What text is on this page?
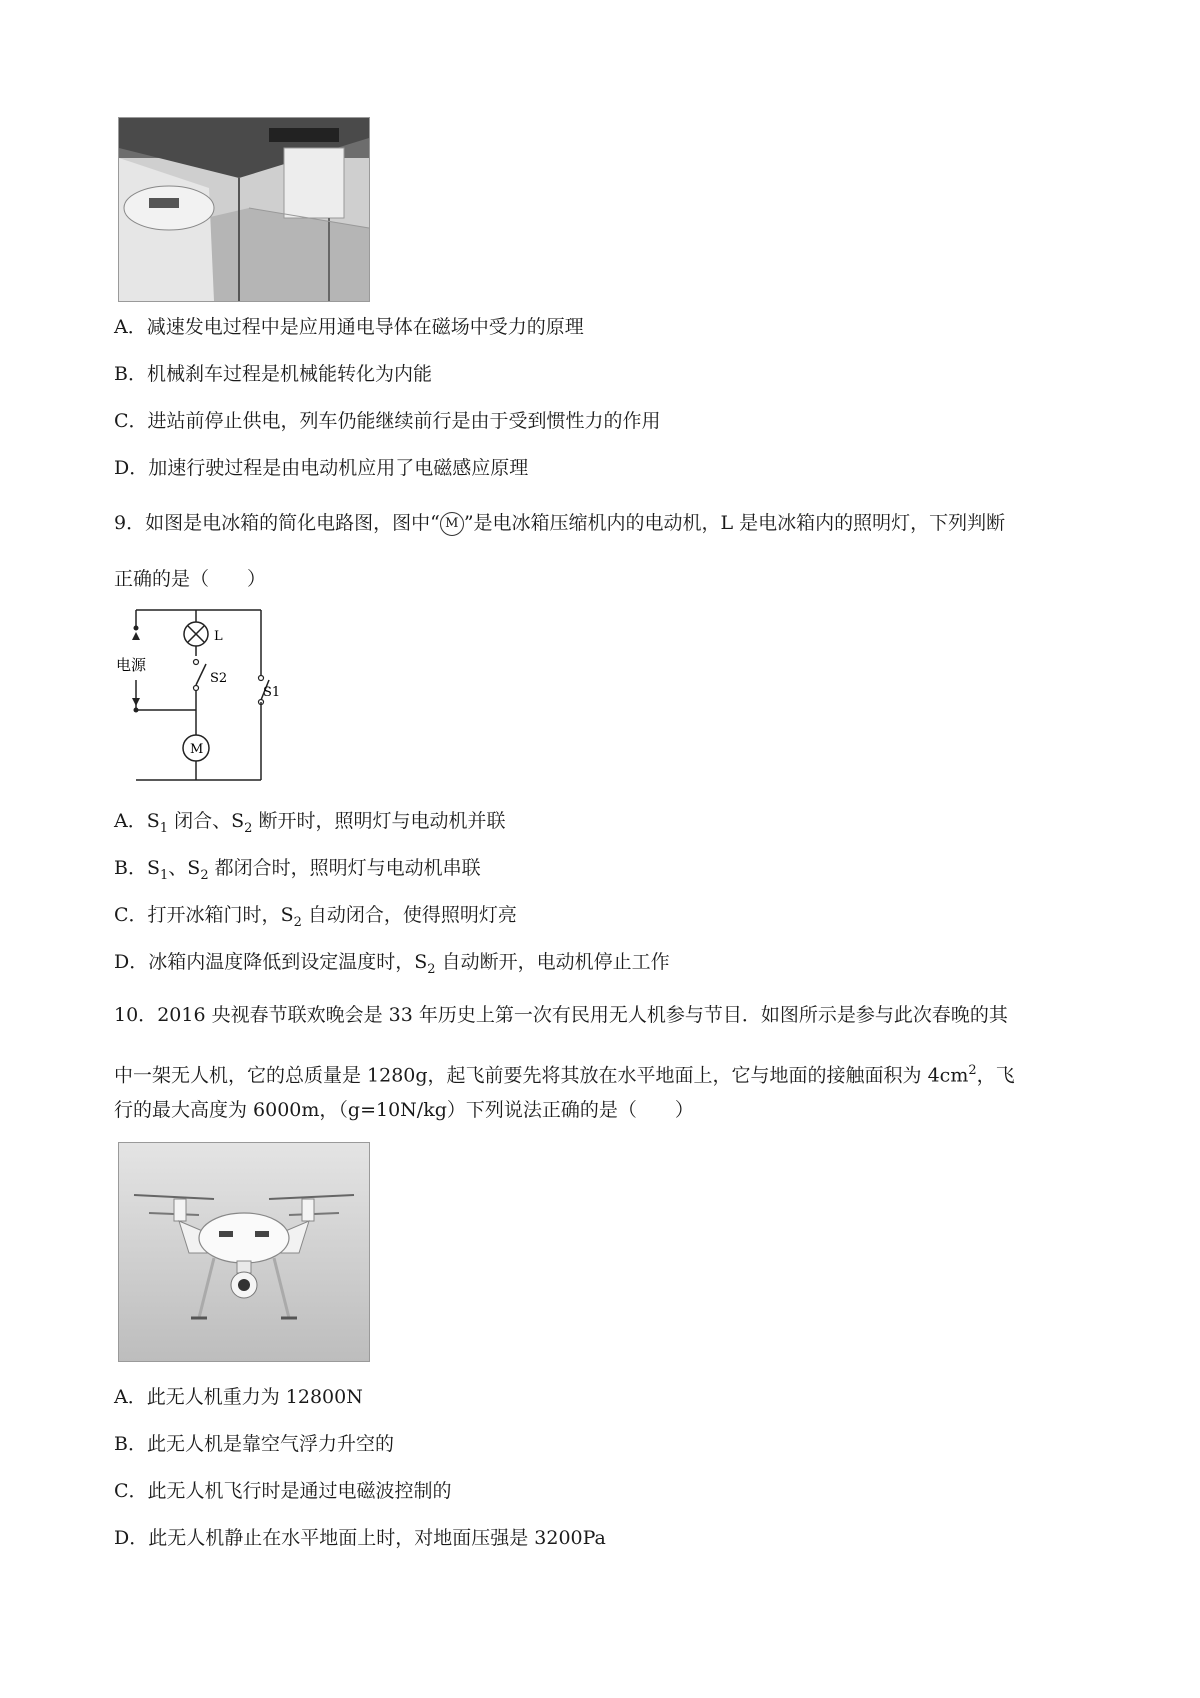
A．减速发电过程中是应用通电导体在磁场中受力的原理
B．机械刹车过程是机械能转化为内能
C．进站前停止供电，列车仍能继续前行是由于受到惯性力的作用
D．加速行驶过程是由电动机应用了电磁感应原理
9．如图是电冰箱的简化电路图，图中“ M ”是电冰箱压缩机内的电动机，L 是电冰箱内的照明灯，下列判断
正确的是（　　）
电源
L
S2
M
S1
A．$S_1$ 闭合、$S_2$ 断开时，照明灯与电动机并联
B．$S_1$、$S_2$ 都闭合时，照明灯与电动机串联
C．打开冰箱门时，$S_2$ 自动闭合，使得照明灯亮
D．冰箱内温度降低到设定温度时，$S_2$ 自动断开，电动机停止工作
10．2016 央视春节联欢晚会是 33 年历史上第一次有民用无人机参与节目．如图所示是参与此次春晚的其
中一架无人机，它的总质量是 1280g，起飞前要先将其放在水平地面上，它与地面的接触面积为 $4cm^2$，飞
行的最大高度为 6000m，（g=10N/kg）下列说法正确的是（　　）
A．此无人机重力为 12800N
B．此无人机是靠空气浮力升空的
C．此无人机飞行时是通过电磁波控制的
D．此无人机静止在水平地面上时，对地面压强是 3200Pa
